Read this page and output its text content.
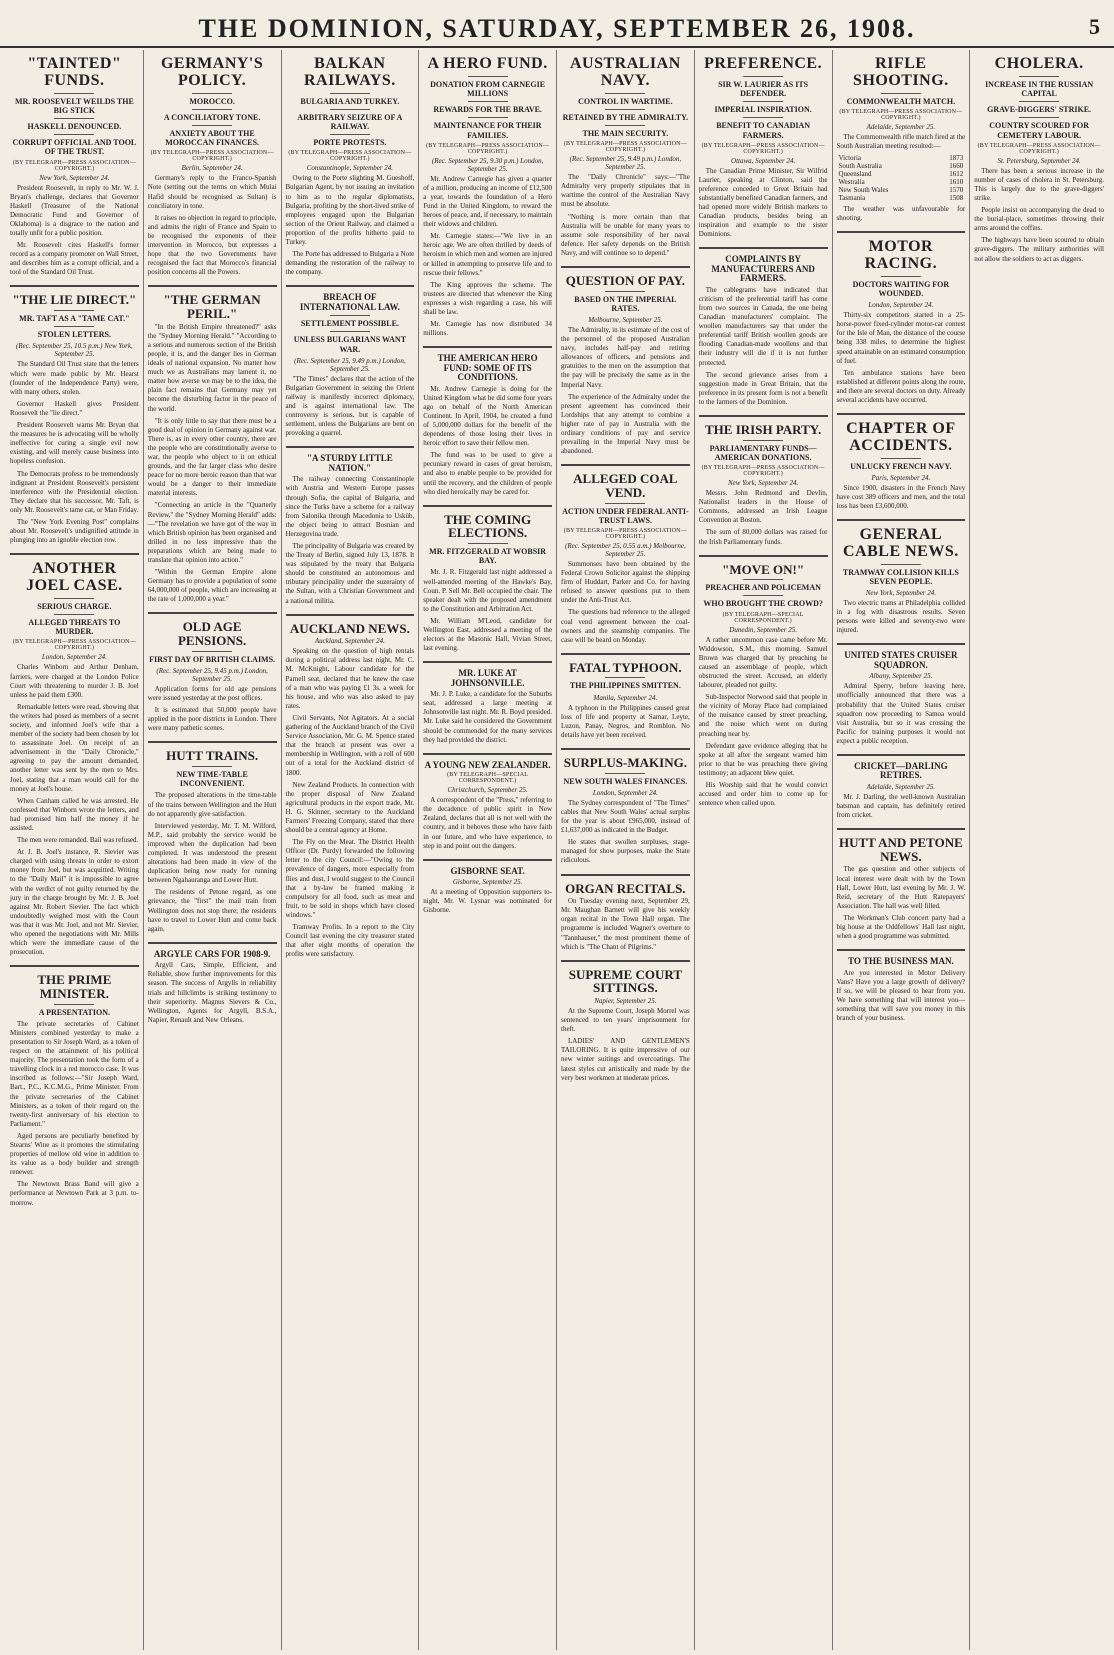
THE DOMINION, SATURDAY, SEPTEMBER 26, 1908.	5
"TAINTED" FUNDS.
MR. ROOSEVELT WEILDS THE BIG STICK
HASKELL DENOUNCED.
CORRUPT OFFICIAL AND TOOL OF THE TRUST.
(BY TELEGRAPH—PRESS ASSOCIATION—COPYRIGHT.)
New York, September 24.

President Roosevelt, in reply to Mr. W. J. Bryan's challenge, declares that Governor Haskell (Treasurer of the National Democratic Fund and Governor of Oklahoma) is a disgrace to the nation and totally unfit for a public position.

Mr. Roosevelt cites Haskell's former record as a company promoter on Wall Street, and describes him as a corrupt official, and a tool of the Standard Oil Trust.

"THE LIE DIRECT."
MR. TAFT AS A "TAME CAT."
STOLEN LETTERS.
(Rec. September 25, 10.5 p.m.) New York, September 25.

The Standard Oil Trust state that the letters which were made public by Mr. Hearst (founder of the Independence Party) were, with many others, stolen.

Governor Haskell gives President Roosevelt the "lie direct."

President Roosevelt warns Mr. Bryan that the measures he is advocating will be wholly ineffective for curing a single evil now existing, and will merely cause business into hopeless confusion.

The Democrats profess to be tremendously indignant at President Roosevelt's persistent interference with the Presidential election. They declare that his successor, Mr. Taft, is only Mr. Roosevelt's tame cat, or Man Friday.

The "New York Evening Post" complains about Mr. Roosevelt's undignified attitude in plunging into an ignoble election row.

ANOTHER JOEL CASE.
SERIOUS CHARGE.
ALLEGED THREATS TO MURDER.
(BY TELEGRAPH—PRESS ASSOCIATION—COPYRIGHT.)
London, September 24.

Charles Winborn and Arthur Denham, farriers, were charged at the London Police Court with threatening to murder J. B. Joel unless he paid them £300.

Remarkable letters were read, showing that the writers had posed as members of a secret society, and informed Joel's wife that a member of the society had been chosen by lot to assassinate Joel. On receipt of an advertisement in the "Daily Chronicle," agreeing to pay the amount demanded, another letter was sent by the men to Mrs. Joel, stating that a man would call for the money at Joel's house.

When Canham called he was arrested. He confessed that Winborn wrote the letters, and had promised him half the money if he assisted.

The men were remanded. Bail was refused.

At J. B. Joel's instance, R. Sievier was charged with using threats in order to extort money from Joel, but was acquitted. Writing to the "Daily Mail" it is impossible to agree with the verdict of not guilty returned by the jury in the charge brought by Mr. J. B. Joel against Mr. Robert Sievier. The fact which undoubtedly weighed most with the Court was that it was Mr. Joel, and not Mr. Sievier, who opened the negotiations with Mr. Mills which were the immediate cause of the prosecution.

THE PRIME MINISTER.
A PRESENTATION.

The private secretaries of Cabinet Ministers combined yesterday to make a presentation to Sir Joseph Ward, as a token of respect on the attainment of his political majority. The presentation took the form of a travelling clock in a red morocco case. It was inscribed as follows:—"Sir Joseph Ward, Bart., P.C., K.C.M.G., Prime Minister. From the private secretaries of the Cabinet Ministers, as a token of their regard on the twenty-first anniversary of his election to Parliament."

Aged persons are peculiarly benefited by Stearns' Wine as it promotes the stimulating properties of mellow old wine in addition to its value as a body builder and strength renewer.

The Newtown Brass Band will give a performance at Newtown Park at 3 p.m. to-morrow.

GERMANY'S POLICY.
MOROCCO.
A CONCILIATORY TONE.
ANXIETY ABOUT THE MOROCCAN FINANCES.
(BY TELEGRAPH—PRESS ASSOCIATION—COPYRIGHT.)
Berlin, September 24.

Germany's reply to the Franco-Spanish Note (setting out the terms on which Mulai Hafid should be recognised as Sultan) is conciliatory in tone.

It raises no objection in regard to principle, and admits the right of France and Spain to be recognised the exponents of their intervention in Morocco, but expresses a hope that the two Governments have recognised the fact that Morocco's financial position concerns all the Powers.

"THE GERMAN PERIL."

"In the British Empire threatened?" asks the "Sydney Morning Herald." "According to a serious and numerous section of the British people, it is, and the danger lies in German ideals of national expansion. No matter how much we as Australians may lament it, no matter how averse we may be to the idea, the plain fact remains that Germany may yet become the disturbing factor in the peace of the world.

"It is only little to say that there must be a good deal of opinion in Germany against war. There is, as in every other country, there are the people who are constitutionally averse to war, the people who object to it on ethical grounds, and the far larger class who desire peace for no more heroic reason than that war would be a danger to their immediate material interests.

"Connecting an article in the "Quarterly Review," the "Sydney Morning Herald" adds:—"The revelation we have got of the way in which British opinion has been organised and drilled in no less impressive than the preparations which are being made to translate that opinion into action."

"Within the German Empire alone Germany has to provide a population of some 64,000,000 of people, which are increasing at the rate of 1,000,000 a year."

OLD AGE PENSIONS.
FIRST DAY OF BRITISH CLAIMS.
(Rec. September 25, 9.45 p.m.) London, September 25.

Application forms for old age pensions were issued yesterday at the post offices.

It is estimated that 50,000 people have applied in the poor districts in London. There were many pathetic scenes.

HUTT TRAINS.
NEW TIME-TABLE INCONVENIENT.

The proposed alterations in the time-table of the trains between Wellington and the Hutt do not apparently give satisfaction.

Interviewed yesterday, Mr. T. M. Wilford, M.P., said probably the service would be improved when the duplication had been completed. It was understood the present alterations had been made in view of the duplication being now ready for running between Ngahauranga and Lower Hutt.

The residents of Petone regard, as one grievance, the "first" the mail train from Wellington does not stop there; the residents have to travel to Lower Hutt and come back again.

ARGYLE CARS FOR 1908-9.

Argyll Cars, Simple, Efficient, and Reliable, show further improvements for this season. The success of Argylls in reliability trials and hillclimbs is striking testimony to their superiority. Magnus Sievers & Co., Wellington, Agents for Argyll, B.S.A., Napier, Renault and New Orleans.

BALKAN RAILWAYS.
BULGARIA AND TURKEY.
ARBITRARY SEIZURE OF A RAILWAY.
PORTE PROTESTS.
(BY TELEGRAPH—PRESS ASSOCIATION—COPYRIGHT.)
Constantinople, September 24.

Owing to the Porte slighting M. Gueshoff, Bulgarian Agent, by not issuing an invitation to him as to the regular diplomatists, Bulgaria, profiting by the short-lived strike of employees engaged upon the Bulgarian section of the Orient Railway, and claimed a proportion of the profits hitherto paid to Turkey.

The Porte has addressed to Bulgaria a Note demanding the restoration of the railway to the company.

BREACH OF INTERNATIONAL LAW.
SETTLEMENT POSSIBLE.
UNLESS BULGARIANS WANT WAR.
(Rec. September 25, 9.49 p.m.) London, September 25.

"The Times" declares that the action of the Bulgarian Government in seizing the Orient railway is manifestly incorrect diplomacy, and is against international law. The controversy is serious, but is capable of settlement, unless the Bulgarians are bent on provoking a quarrel.

"A STURDY LITTLE NATION."

The railway connecting Constantinople with Austria and Western Europe passes through Sofia, the capital of Bulgaria, and since the Turks have a scheme for a railway from Salonika through Macedonia to Usküb, the object being to attract Bosnian and Herzegovina trade.

The principality of Bulgaria was created by the Treaty of Berlin, signed July 13, 1878. It was stipulated by the treaty that Bulgaria should be constituted an autonomous and tributary principality under the suzerainty of the Sultan, with a Christian Government and a national militia.

AUCKLAND NEWS.
Auckland, September 24.

Speaking on the question of high rentals during a political address last night, Mr. C. M. McKnight, Labour candidate for the Parnell seat, declared that he knew the case of a man who was paying £1 3s. a week for his house, and who was also asked to pay rates.

Civil Servants, Not Agitators. At a social gathering of the Auckland branch of the Civil Service Association, Mr. G. M. Spence stated that the branch at present was over a membership in Wellington, with a roll of 600 out of a total for the Auckland district of 1800.

New Zealand Products. In connection with the proper disposal of New Zealand agricultural products in the export trade, Mr. H. G. Skinner, secretary to the Auckland Farmers' Freezing Company, stated that there should be a central agency at Home.

The Fly on the Meat. The District Health Officer (Dr. Purdy) forwarded the following letter to the city Council:—"Owing to the prevalence of dangers, more especially from flies and dust, I would suggest to the Council that a by-law be framed making it compulsory for all food, such as meat and fruit, to be sold in shops which have closed windows."

Tramway Profits. In a report to the City Council last evening the city treasurer stated that after eight months of operation the profits were satisfactory.

A HERO FUND.
DONATION FROM CARNEGIE MILLIONS
REWARDS FOR THE BRAVE.
MAINTENANCE FOR THEIR FAMILIES.
(BY TELEGRAPH—PRESS ASSOCIATION—COPYRIGHT.)
(Rec. September 25, 9.30 p.m.) London, September 25.

Mr. Andrew Carnegie has given a quarter of a million, producing an income of £12,500 a year, towards the foundation of a Hero Fund in the United Kingdom, to reward the heroes of peace, and, if necessary, to maintain their widows and children.

Mr. Carnegie states:—"We live in an heroic age. We are often thrilled by deeds of heroism in which men and women are injured or killed in attempting to preserve life and to rescue their fellows."

The King approves the scheme. The trustees are directed that whenever the King expresses a wish regarding a case, his will shall be law.

Mr. Carnegie has now distributed 34 millions.

THE AMERICAN HERO FUND: SOME OF ITS CONDITIONS.

Mr. Andrew Carnegie is doing for the United Kingdom what he did some four years ago on behalf of the North American Continent. In April, 1904, he created a fund of 5,000,000 dollars for the benefit of the dependents of those losing their lives in heroic effort to save their fellow men.

The fund was to be used to give a pecuniary reward in cases of great heroism, and also to enable people to be provided for until the recovery, and the children of people who died heroically may be cared for.

THE COMING ELECTIONS.
MR. FITZGERALD AT WOBSIR BAY.

Mr. J. R. Fitzgerald last night addressed a well-attended meeting of the Hawke's Bay, Coun. P. Sell Mr. Bell occupied the chair. The speaker dealt with the proposed amendment to the Constitution and Arbitration Act.

Mr. William M'Leod, candidate for Wellington East, addressed a meeting of the electors at the Masonic Hall, Vivian Street, last evening.

MR. LUKE AT JOHNSONVILLE.

Mr. J. P. Luke, a candidate for the Suburbs seat, addressed a large meeting at Johnsonville last night. Mr. R. Boyd presided. Mr. Luke said he considered the Government should be commended for the many services they had provided the district.

A YOUNG NEW ZEALANDER.
(BY TELEGRAPH—SPECIAL CORRESPONDENT.)
Christchurch, September 25.

A correspondent of the "Press," referring to the decadence of public spirit in New Zealand, declares that all is not well with the country, and it behoves those who have faith in our future, and who have experience, to step in and point out the dangers.

GISBORNE SEAT.
Gisborne, September 25.

At a meeting of Opposition supporters to-night, Mr. W. Lysnar was nominated for Gisborne.

AUSTRALIAN NAVY.
CONTROL IN WARTIME.
RETAINED BY THE ADMIRALTY.
THE MAIN SECURITY.
(BY TELEGRAPH—PRESS ASSOCIATION—COPYRIGHT.)
(Rec. September 25, 9.49 p.m.) London, September 25.

The "Daily Chronicle" says:—"The Admiralty very properly stipulates that in wartime the control of the Australian Navy must be absolute.

"Nothing is more certain than that Australia will be unable for many years to assume sole responsibility of her naval defence. Her safety depends on the British Navy, and will continue so to depend."

QUESTION OF PAY.
BASED ON THE IMPERIAL RATES.
Melbourne, September 25.

The Admiralty, in its estimate of the cost of the personnel of the proposed Australian navy, includes half-pay and retiring allowances of officers, and pensions and gratuities to the men on the assumption that the pay will be precisely the same as in the Imperial Navy.

The experience of the Admiralty under the present agreement has convinced their Lordships that any attempt to combine a higher rate of pay in Australia with the ordinary conditions of pay and service prevailing in the Imperial Navy must be abandoned.

ALLEGED COAL VEND.
ACTION UNDER FEDERAL ANTI-TRUST LAWS.
(BY TELEGRAPH—PRESS ASSOCIATION—COPYRIGHT.)
(Rec. September 25, 0.55 a.m.) Melbourne, September 25.

Summonses have been obtained by the Federal Crown Solicitor against the shipping firm of Huddart, Parker and Co. for having refused to answer questions put to them under the Anti-Trust Act.

The questions had reference to the alleged coal vend agreement between the coal-owners and the steamship companies. The case will be heard on Monday.

FATAL TYPHOON.
THE PHILIPPINES SMITTEN.
Manila, September 24.

A typhoon in the Philippines caused great loss of life and property at Samar, Leyte, Luzon, Panay, Negros, and Romblon. No details have yet been received.

SURPLUS-MAKING.
NEW SOUTH WALES FINANCES.
London, September 24.

The Sydney correspondent of "The Times" cables that New South Wales' actual surplus for the year is about £965,000, instead of £1,637,000 as indicated in the Budget.

He states that swollen surpluses, stage-managed for show purposes, make the State ridiculous.

ORGAN RECITALS.

On Tuesday evening next, September 29, Mr. Maughan Barnett will give his weekly organ recital in the Town Hall organ. The programme is included Wagner's overture to "Tannhauser," the most prominent theme of which is "The Chant of Pilgrims."

SUPREME COURT SITTINGS.
Napier, September 25.

At the Supreme Court, Joseph Morrel was sentenced to ten years' imprisonment for theft.

LADIES' AND GENTLEMEN'S TAILORING. It is quite impressive of our new winter suitings and overcoatings. The latest styles cut artistically and made by the very best workmen at moderate prices.

PREFERENCE.
SIR W. LAURIER AS ITS DEFENDER.
IMPERIAL INSPIRATION.
BENEFIT TO CANADIAN FARMERS.
(BY TELEGRAPH—PRESS ASSOCIATION—COPYRIGHT.)
Ottawa, September 24.

The Canadian Prime Minister, Sir Wilfrid Laurier, speaking at Clinton, said the preference conceded to Great Britain had substantially benefited Canadian farmers, and had opened more widely British markets to Canadian products, besides being an inspiration and example to the sister Dominions.

COMPLAINTS BY MANUFACTURERS AND FARMERS.

The cablegrams have indicated that criticism of the preferential tariff has come from two sources in Canada, the one being Canadian manufacturers' complaint. The woollen manufacturers say that under the preferential tariff British woollen goods are flooding Canadian-made woollens and that their industry will die if it is not further protected.

The second grievance arises from a suggestion made in Great Britain, that the preference in its present form is not a benefit to the farmers of the Dominion.

THE IRISH PARTY.
PARLIAMENTARY FUNDS—AMERICAN DONATIONS.
(BY TELEGRAPH—PRESS ASSOCIATION—COPYRIGHT.)
New York, September 24.

Messrs. John Redmond and Devlin, Nationalist leaders in the House of Commons, addressed an Irish League Convention at Boston.

The sum of 80,000 dollars was raised for the Irish Parliamentary funds.

"MOVE ON!"
PREACHER AND POLICEMAN
WHO BROUGHT THE CROWD?
(BY TELEGRAPH—SPECIAL CORRESPONDENT.)
Dunedin, September 25.

A rather uncommon case came before Mr. Widdowson, S.M., this morning. Samuel Brown was charged that by preaching he caused an assemblage of people, which obstructed the street. Accused, an elderly labourer, pleaded not guilty.

Sub-Inspector Norwood said that people in the vicinity of Moray Place had complained of the nuisance caused by street preaching, and the noise which went on during preaching near by.

Defendant gave evidence alleging that he spoke at all after the sergeant warned him prior to that he was preaching there giving testimony; an adjacent blew quiet.

His Worship said that he would convict accused and order him to come up for sentence when called upon.

RIFLE SHOOTING.
COMMONWEALTH MATCH.
(BY TELEGRAPH—PRESS ASSOCIATION—COPYRIGHT.)
Adelaide, September 25.

The Commonwealth rifle match fired at the South Australian meeting resulted:—

Victoria	1873
South Australia	1660
Queensland	1612
Westralia	1610
New South Wales	1570
Tasmania	1508

The weather was unfavourable for shooting.

MOTOR RACING.
DOCTORS WAITING FOR WOUNDED.
London, September 24.

Thirty-six competitors started in a 25-horse-power fixed-cylinder motor-car contest for the Isle of Man, the distance of the course being 338 miles, to determine the highest speed attainable on an estimated consumption of fuel.

Ten ambulance stations have been established at different points along the route, and there are several doctors on duty. Already several accidents have occurred.

CHAPTER OF ACCIDENTS.
UNLUCKY FRENCH NAVY.
Paris, September 24.

Since 1900, disasters in the French Navy have cost 389 officers and men, and the total loss has been £3,600,000.

GENERAL CABLE NEWS.
TRAMWAY COLLISION KILLS SEVEN PEOPLE.
New York, September 24.

Two electric trams at Philadelphia collided in a fog with disastrous results. Seven persons were killed and seventy-two were injured.

UNITED STATES CRUISER SQUADRON.
Albany, September 25.

Admiral Sperry, before leaving here, unofficially announced that there was a probability that the United States cruiser squadron now proceeding to Samoa would visit Australia, but so it was crossing the Pacific for training purposes it would not expect a public reception.

CRICKET—DARLING RETIRES.
Adelaide, September 25.

Mr. J. Darling, the well-known Australian batsman and captain, has definitely retired from cricket.

HUTT AND PETONE NEWS.

The gas question and other subjects of local interest were dealt with by the Town Hall, Lower Hutt, last evening by Mr. J. W. Reid, secretary of the Hutt Ratepayers' Association. The hall was well filled.

The Workman's Club concert party had a big house at the Oddfellows' Hall last night, when a good programme was submitted.

TO THE BUSINESS MAN.

Are you interested in Motor Delivery Vans? Have you a large growth of delivery? If so, we will be pleased to hear from you. We have something that will interest you—something that will save you money in this branch of your business.

CHOLERA.
INCREASE IN THE RUSSIAN CAPITAL
GRAVE-DIGGERS' STRIKE.
COUNTRY SCOURED FOR CEMETERY LABOUR.
(BY TELEGRAPH—PRESS ASSOCIATION—COPYRIGHT.)
St. Petersburg, September 24.

There has been a serious increase in the number of cases of cholera in St. Petersburg. This is largely due to the grave-diggers' strike.

People insist on accompanying the dead to the burial-place, sometimes throwing their arms around the coffins.

The highways have been scoured to obtain grave-diggers. The military authorities will not allow the soldiers to act as diggers.
